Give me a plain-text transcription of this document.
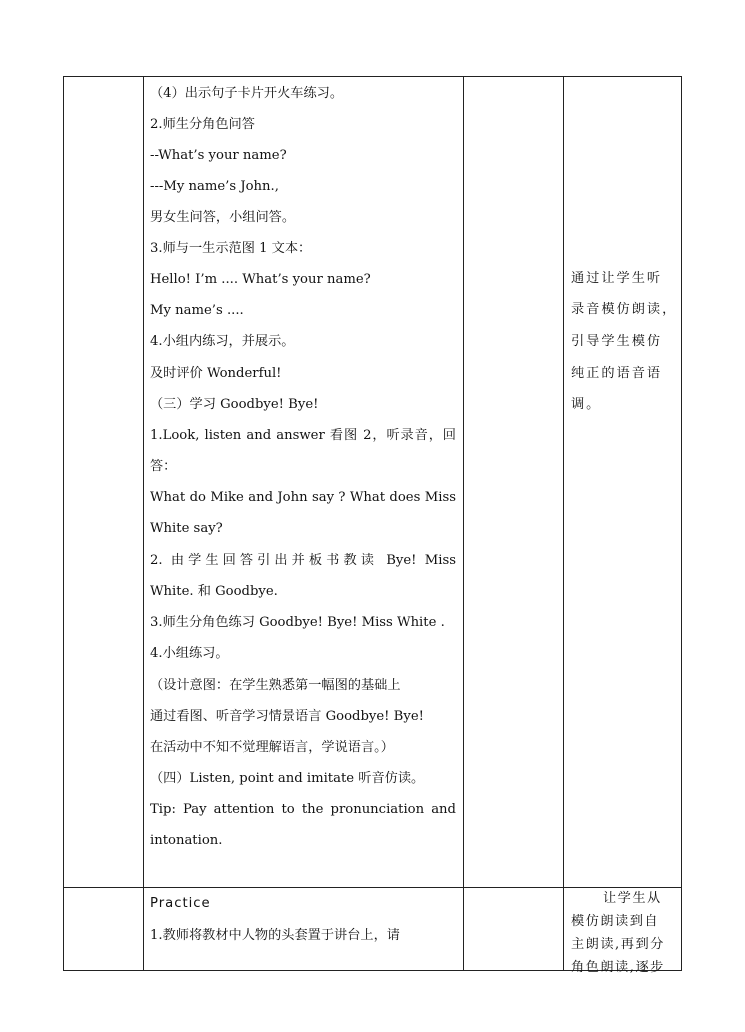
（4）出示句子卡片开火车练习。
2.师生分角色问答
--What’s your name?
---My name’s John.,
男女生问答，小组问答。
3.师与一生示范图 1 文本：
Hello! I’m .... What’s your name?
My name’s ....
4.小组内练习，并展示。
及时评价 Wonderful!
（三）学习 Goodbye! Bye!
1.Look, listen and answer 看图 2，听录音，回
答：
What do Mike and John say ? What does Miss
White say?
2. 由学生回答引出并板书教读 Bye! Miss
White. 和 Goodbye.
3.师生分角色练习 Goodbye! Bye! Miss White .
4.小组练习。
（设计意图：在学生熟悉第一幅图的基础上
通过看图、听音学习情景语言 Goodbye! Bye!
在活动中不知不觉理解语言，学说语言。）
（四）Listen, point and imitate 听音仿读。
Tip: Pay attention to the pronunciation and
intonation.
通过让学生听
录音模仿朗读，
引导学生模仿
纯正的语音语
调。
Practice
1.教师将教材中人物的头套置于讲台上，请
让学生从
模仿朗读到自
主朗读,再到分
角色朗读,逐步
